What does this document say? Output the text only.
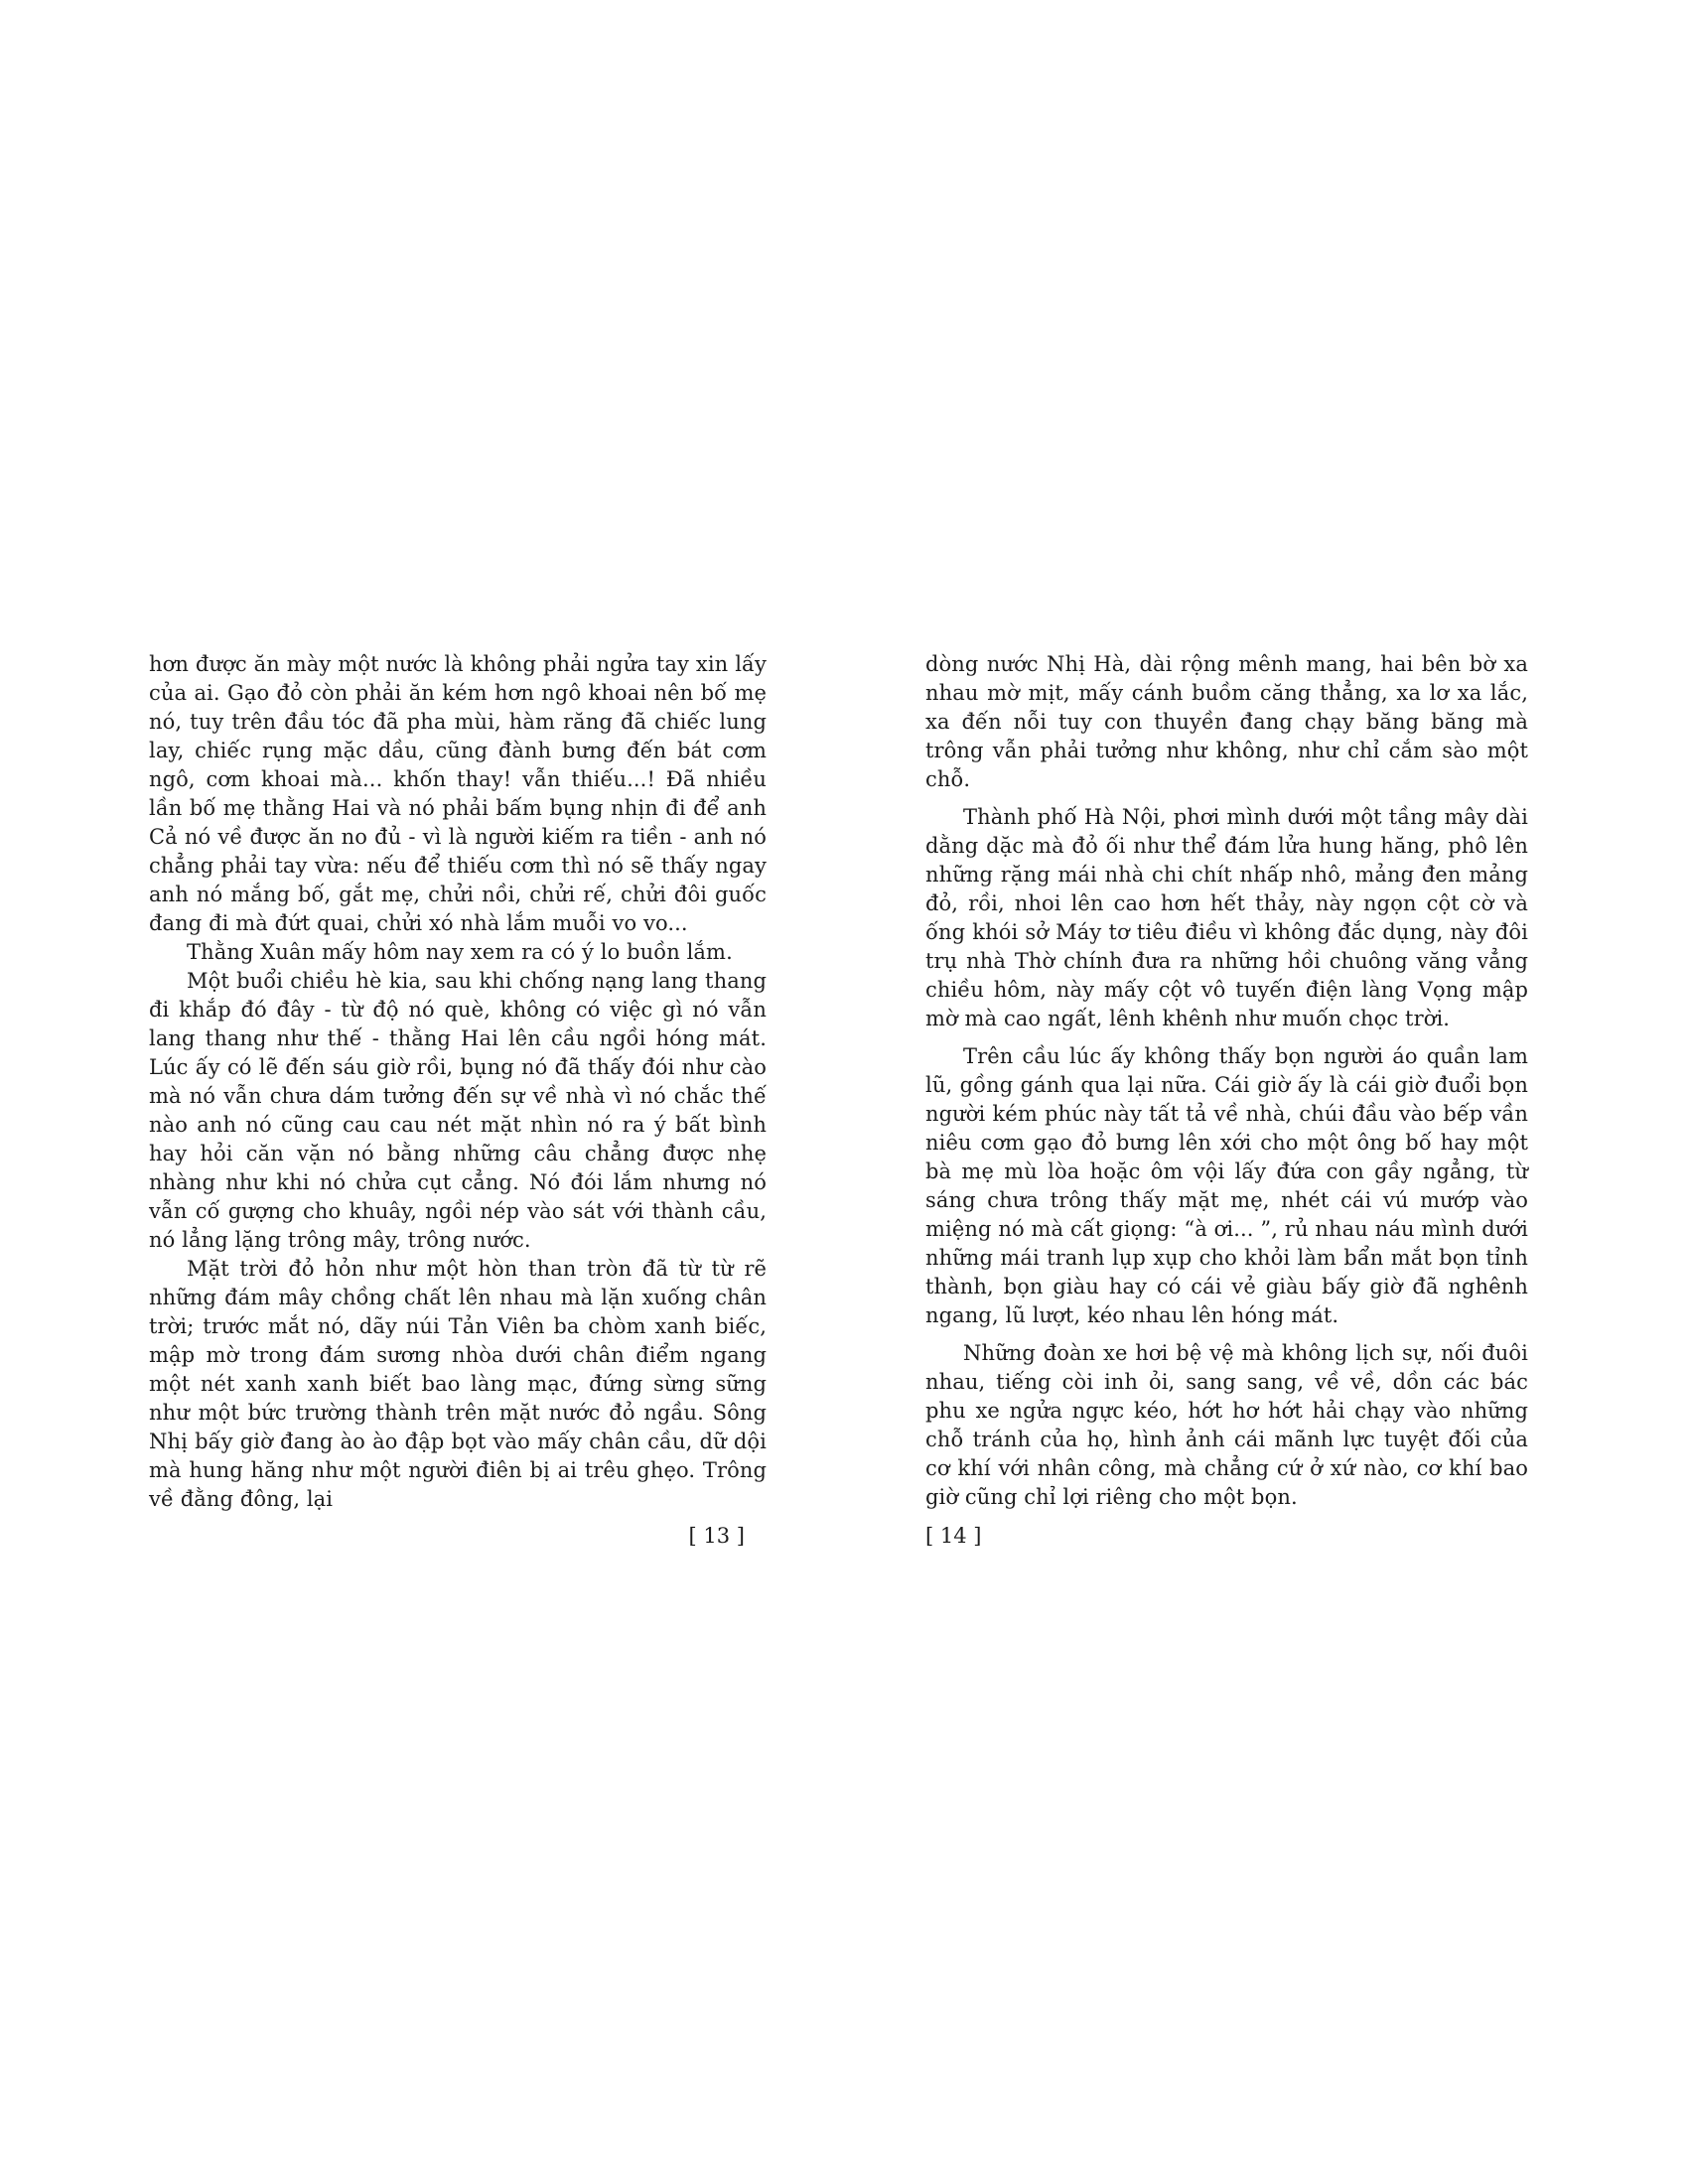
hơn được ăn mày một nước là không phải ngửa tay xin lấy của ai. Gạo đỏ còn phải ăn kém hơn ngô khoai nên bố mẹ nó, tuy trên đầu tóc đã pha mùi, hàm răng đã chiếc lung lay, chiếc rụng mặc dầu, cũng đành bưng đến bát cơm ngô, cơm khoai mà... khốn thay! vẫn thiếu...! Đã nhiều lần bố mẹ thằng Hai và nó phải bấm bụng nhịn đi để anh Cả nó về được ăn no đủ - vì là người kiếm ra tiền - anh nó chẳng phải tay vừa: nếu để thiếu cơm thì nó sẽ thấy ngay anh nó mắng bố, gắt mẹ, chửi nồi, chửi rế, chửi đôi guốc đang đi mà đứt quai, chửi xó nhà lắm muỗi vo vo...

Thằng Xuân mấy hôm nay xem ra có ý lo buồn lắm.

Một buổi chiều hè kia, sau khi chống nạng lang thang đi khắp đó đây - từ độ nó què, không có việc gì nó vẫn lang thang như thế - thằng Hai lên cầu ngồi hóng mát. Lúc ấy có lẽ đến sáu giờ rồi, bụng nó đã thấy đói như cào mà nó vẫn chưa dám tưởng đến sự về nhà vì nó chắc thế nào anh nó cũng cau cau nét mặt nhìn nó ra ý bất bình hay hỏi căn vặn nó bằng những câu chẳng được nhẹ nhàng như khi nó chửa cụt cẳng. Nó đói lắm nhưng nó vẫn cố gượng cho khuây, ngồi nép vào sát với thành cầu, nó lẳng lặng trông mây, trông nước.

Mặt trời đỏ hỏn như một hòn than tròn đã từ từ rẽ những đám mây chồng chất lên nhau mà lặn xuống chân trời; trước mắt nó, dãy núi Tản Viên ba chòm xanh biếc, mập mờ trong đám sương nhòa dưới chân điểm ngang một nét xanh xanh biết bao làng mạc, đứng sừng sững như một bức trường thành trên mặt nước đỏ ngầu. Sông Nhị bấy giờ đang ào ào đập bọt vào mấy chân cầu, dữ dội mà hung hăng như một người điên bị ai trêu ghẹo. Trông về đằng đông, lại

dòng nước Nhị Hà, dài rộng mênh mang, hai bên bờ xa nhau mờ mịt, mấy cánh buồm căng thẳng, xa lơ xa lắc, xa đến nỗi tuy con thuyền đang chạy băng băng mà trông vẫn phải tưởng như không, như chỉ cắm sào một chỗ.

Thành phố Hà Nội, phơi mình dưới một tầng mây dài dằng dặc mà đỏ ối như thể đám lửa hung hăng, phô lên những rặng mái nhà chi chít nhấp nhô, mảng đen mảng đỏ, rồi, nhoi lên cao hơn hết thảy, này ngọn cột cờ và ống khói sở Máy tơ tiêu điều vì không đắc dụng, này đôi trụ nhà Thờ chính đưa ra những hồi chuông văng vẳng chiều hôm, này mấy cột vô tuyến điện làng Vọng mập mờ mà cao ngất, lênh khênh như muốn chọc trời.

Trên cầu lúc ấy không thấy bọn người áo quần lam lũ, gồng gánh qua lại nữa. Cái giờ ấy là cái giờ đuổi bọn người kém phúc này tất tả về nhà, chúi đầu vào bếp vần niêu cơm gạo đỏ bưng lên xới cho một ông bố hay một bà mẹ mù lòa hoặc ôm vội lấy đứa con gầy ngẳng, từ sáng chưa trông thấy mặt mẹ, nhét cái vú mướp vào miệng nó mà cất giọng: “à ơi... ”, rủ nhau náu mình dưới những mái tranh lụp xụp cho khỏi làm bẩn mắt bọn tỉnh thành, bọn giàu hay có cái vẻ giàu bấy giờ đã nghênh ngang, lũ lượt, kéo nhau lên hóng mát.

Những đoàn xe hơi bệ vệ mà không lịch sự, nối đuôi nhau, tiếng còi inh ỏi, sang sang, về về, dồn các bác phu xe ngửa ngực kéo, hớt hơ hớt hải chạy vào những chỗ tránh của họ, hình ảnh cái mãnh lực tuyệt đối của cơ khí với nhân công, mà chẳng cứ ở xứ nào, cơ khí bao giờ cũng chỉ lợi riêng cho một bọn.

[ 13 ]	[ 14 ]
